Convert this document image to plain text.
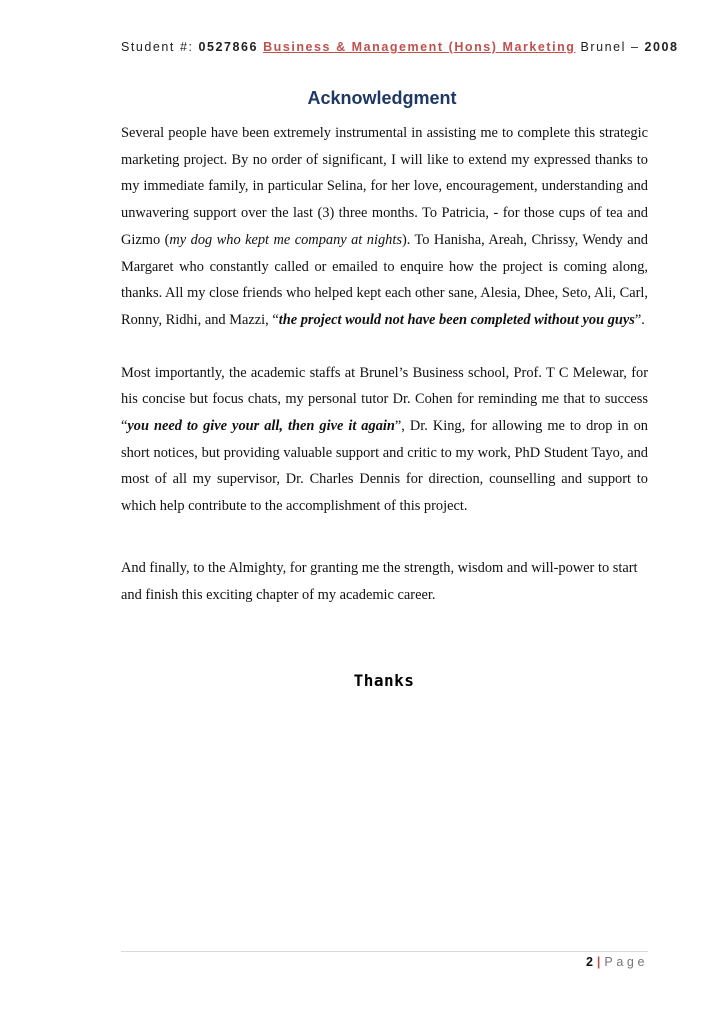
Student #: 0527866 Business & Management (Hons) Marketing Brunel – 2008
Acknowledgment

Several people have been extremely instrumental in assisting me to complete this strategic marketing project. By no order of significant, I will like to extend my expressed thanks to my immediate family, in particular Selina, for her love, encouragement, understanding and unwavering support over the last (3) three months. To Patricia, - for those cups of tea and Gizmo (my dog who kept me company at nights). To Hanisha, Areah, Chrissy, Wendy and Margaret who constantly called or emailed to enquire how the project is coming along, thanks. All my close friends who helped kept each other sane, Alesia, Dhee, Seto, Ali, Carl, Ronny, Ridhi, and Mazzi, “the project would not have been completed without you guys”.

Most importantly, the academic staffs at Brunel’s Business school, Prof. T C Melewar, for his concise but focus chats, my personal tutor Dr. Cohen for reminding me that to success “you need to give your all, then give it again”, Dr. King, for allowing me to drop in on short notices, but providing valuable support and critic to my work, PhD Student Tayo, and most of all my supervisor, Dr. Charles Dennis for direction, counselling and support to which help contribute to the accomplishment of this project.

And finally, to the Almighty, for granting me the strength, wisdom and will-power to start and finish this exciting chapter of my academic career.

Thanks
2 | Page
